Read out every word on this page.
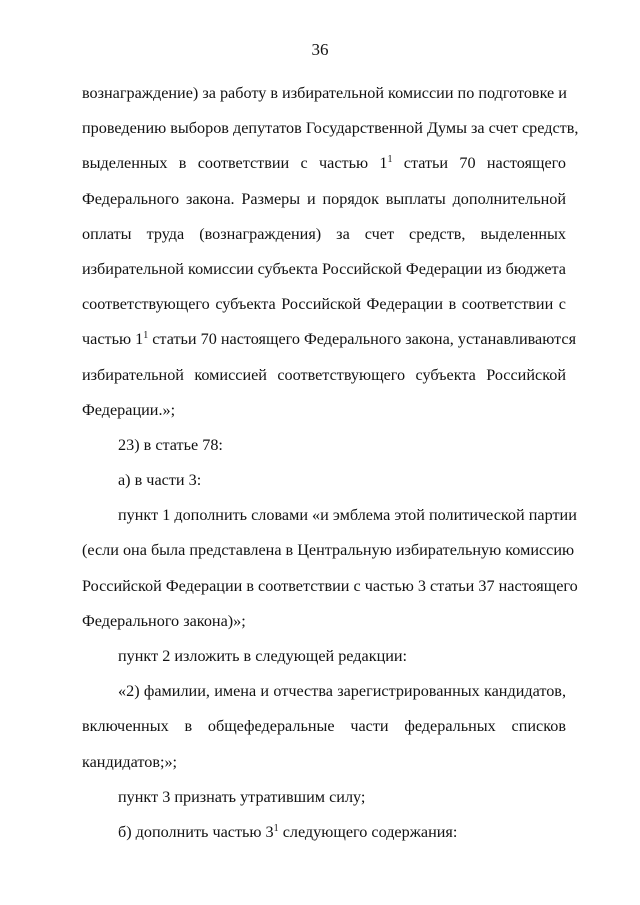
36
вознаграждение) за работу в избирательной комиссии по подготовке и
проведению выборов депутатов Государственной Думы за счет средств,
выделенных в соответствии с частью $1^1$ статьи 70 настоящего
Федерального закона. Размеры и порядок выплаты дополнительной
оплаты труда (вознаграждения) за счет средств, выделенных
избирательной комиссии субъекта Российской Федерации из бюджета
соответствующего субъекта Российской Федерации в соответствии с
частью $1^1$ статьи 70 настоящего Федерального закона, устанавливаются
избирательной комиссией соответствующего субъекта Российской
Федерации.»;
23) в статье 78:
а) в части 3:
пункт 1 дополнить словами «и эмблема этой политической партии
(если она была представлена в Центральную избирательную комиссию
Российской Федерации в соответствии с частью 3 статьи 37 настоящего
Федерального закона)»;
пункт 2 изложить в следующей редакции:
«2) фамилии, имена и отчества зарегистрированных кандидатов,
включенных в общефедеральные части федеральных списков
кандидатов;»;
пункт 3 признать утратившим силу;
б) дополнить частью $3^1$ следующего содержания:
